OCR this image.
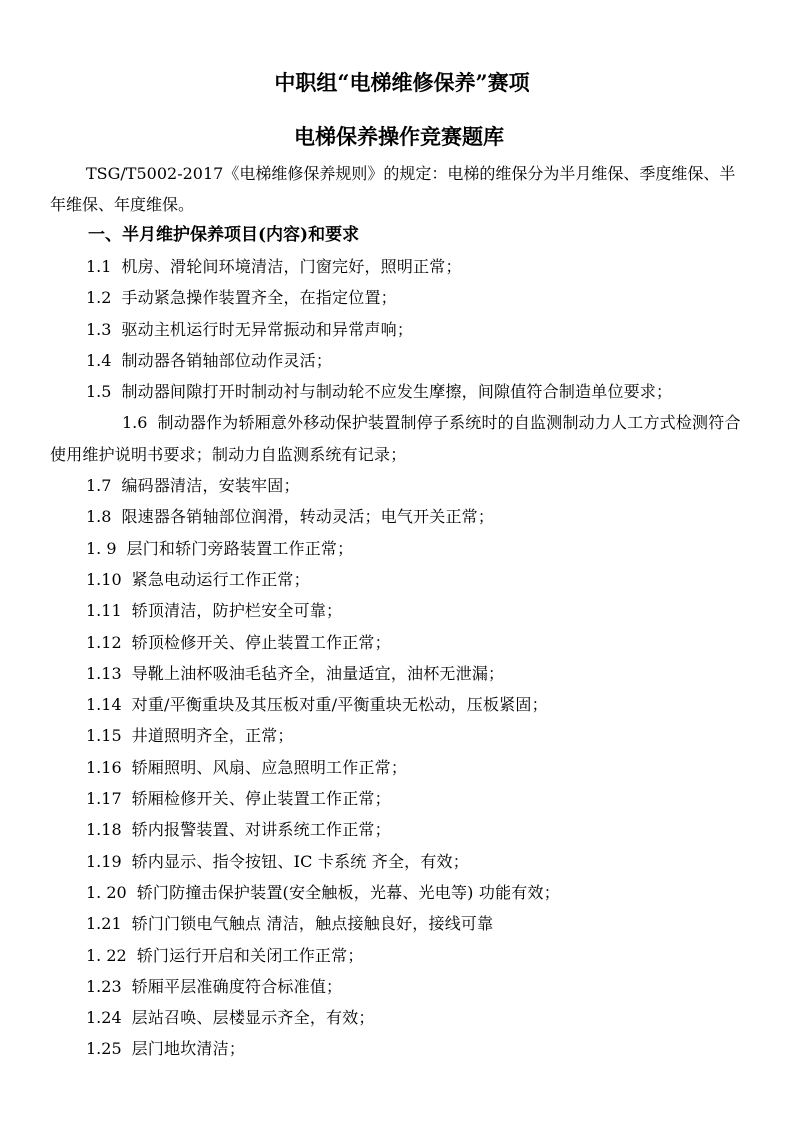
中职组“电梯维修保养”赛项
电梯保养操作竞赛题库

TSG/T5002-2017《电梯维修保养规则》的规定：电梯的维保分为半月维保、季度维保、半年维保、年度维保。

一、半月维护保养项目(内容)和要求
1.1 机房、滑轮间环境清洁，门窗完好，照明正常；
1.2 手动紧急操作装置齐全，在指定位置；
1.3 驱动主机运行时无异常振动和异常声响；
1.4 制动器各销轴部位动作灵活；
1.5 制动器间隙打开时制动衬与制动轮不应发生摩擦，间隙值符合制造单位要求；
1.6 制动器作为轿厢意外移动保护装置制停子系统时的自监测制动力人工方式检测符合使用维护说明书要求；制动力自监测系统有记录；
1.7 编码器清洁，安装牢固；
1.8 限速器各销轴部位润滑，转动灵活；电气开关正常；
1. 9 层门和轿门旁路装置工作正常；
1.10 紧急电动运行工作正常；
1.11 轿顶清洁，防护栏安全可靠；
1.12 轿顶检修开关、停止装置工作正常；
1.13 导靴上油杯吸油毛毡齐全，油量适宜，油杯无泄漏；
1.14 对重/平衡重块及其压板对重/平衡重块无松动，压板紧固；
1.15 井道照明齐全，正常；
1.16 轿厢照明、风扇、应急照明工作正常；
1.17 轿厢检修开关、停止装置工作正常；
1.18 轿内报警装置、对讲系统工作正常；
1.19 轿内显示、指令按钮、IC 卡系统 齐全，有效；
1. 20 轿门防撞击保护装置(安全触板，光幕、光电等) 功能有效；
1.21 轿门门锁电气触点 清洁，触点接触良好，接线可靠
1. 22 轿门运行开启和关闭工作正常；
1.23 轿厢平层准确度符合标准值；
1.24 层站召唤、层楼显示齐全，有效；
1.25 层门地坎清洁；
